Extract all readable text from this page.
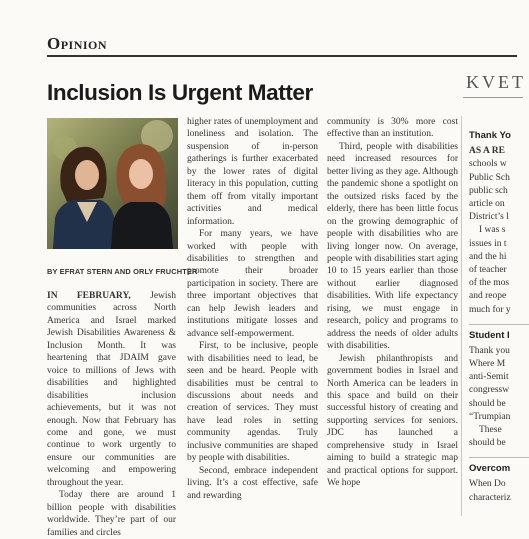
Opinion
KVET
Inclusion Is Urgent Matter
BY EFRAT STERN AND ORLY FRUCHTER

IN FEBRUARY, Jewish communities across North America and Israel marked Jewish Disabilities Awareness & Inclusion Month. It was heartening that JDAIM gave voice to millions of Jews with disabilities and highlighted disabilities inclusion achievements, but it was not enough. Now that February has come and gone, we must continue to work urgently to ensure our communities are welcoming and empowering throughout the year.

Today there are around 1 billion people with disabilities worldwide. They’re part of our families and circles

higher rates of unemployment and loneliness and isolation. The suspension of in-person gatherings is further exacerbated by the lower rates of digital literacy in this population, cutting them off from vitally important activities and medical information.

For many years, we have worked with people with disabilities to strengthen and promote their broader participation in society. There are three important objectives that can help Jewish leaders and institutions mitigate losses and advance self-empowerment.

First, to be inclusive, people with disabilities need to lead, be seen and be heard. People with disabilities must be central to discussions about needs and creation of services. They must have lead roles in setting community agendas. Truly inclusive communities are shaped by people with disabilities.

Second, embrace independent living. It’s a cost effective, safe and rewarding

community is 30% more cost effective than an institution.

Third, people with disabilities need increased resources for better living as they age. Although the pandemic shone a spotlight on the outsized risks faced by the elderly, there has been little focus on the growing demographic of people with disabilities who are living longer now. On average, people with disabilities start aging 10 to 15 years earlier than those without earlier diagnosed disabilities. With life expectancy rising, we must engage in research, policy and programs to address the needs of older adults with disabilities.

Jewish philanthropists and government bodies in Israel and North America can be leaders in this space and build on their successful history of creating and supporting services for seniors. JDC has launched a comprehensive study in Israel aiming to build a strategic map and practical options for support. We hope

Thank Yo
AS A RE
schools w
Public Sch
public sch
article on
District’s l
I was s
issues in t
and the hi
of teacher
of the mos
and reope
much for y
Student I
Thank you
Where M
anti-Semit
congressw
should be
“Trumpian
These
should be
Overcom
When Do
characteriz
